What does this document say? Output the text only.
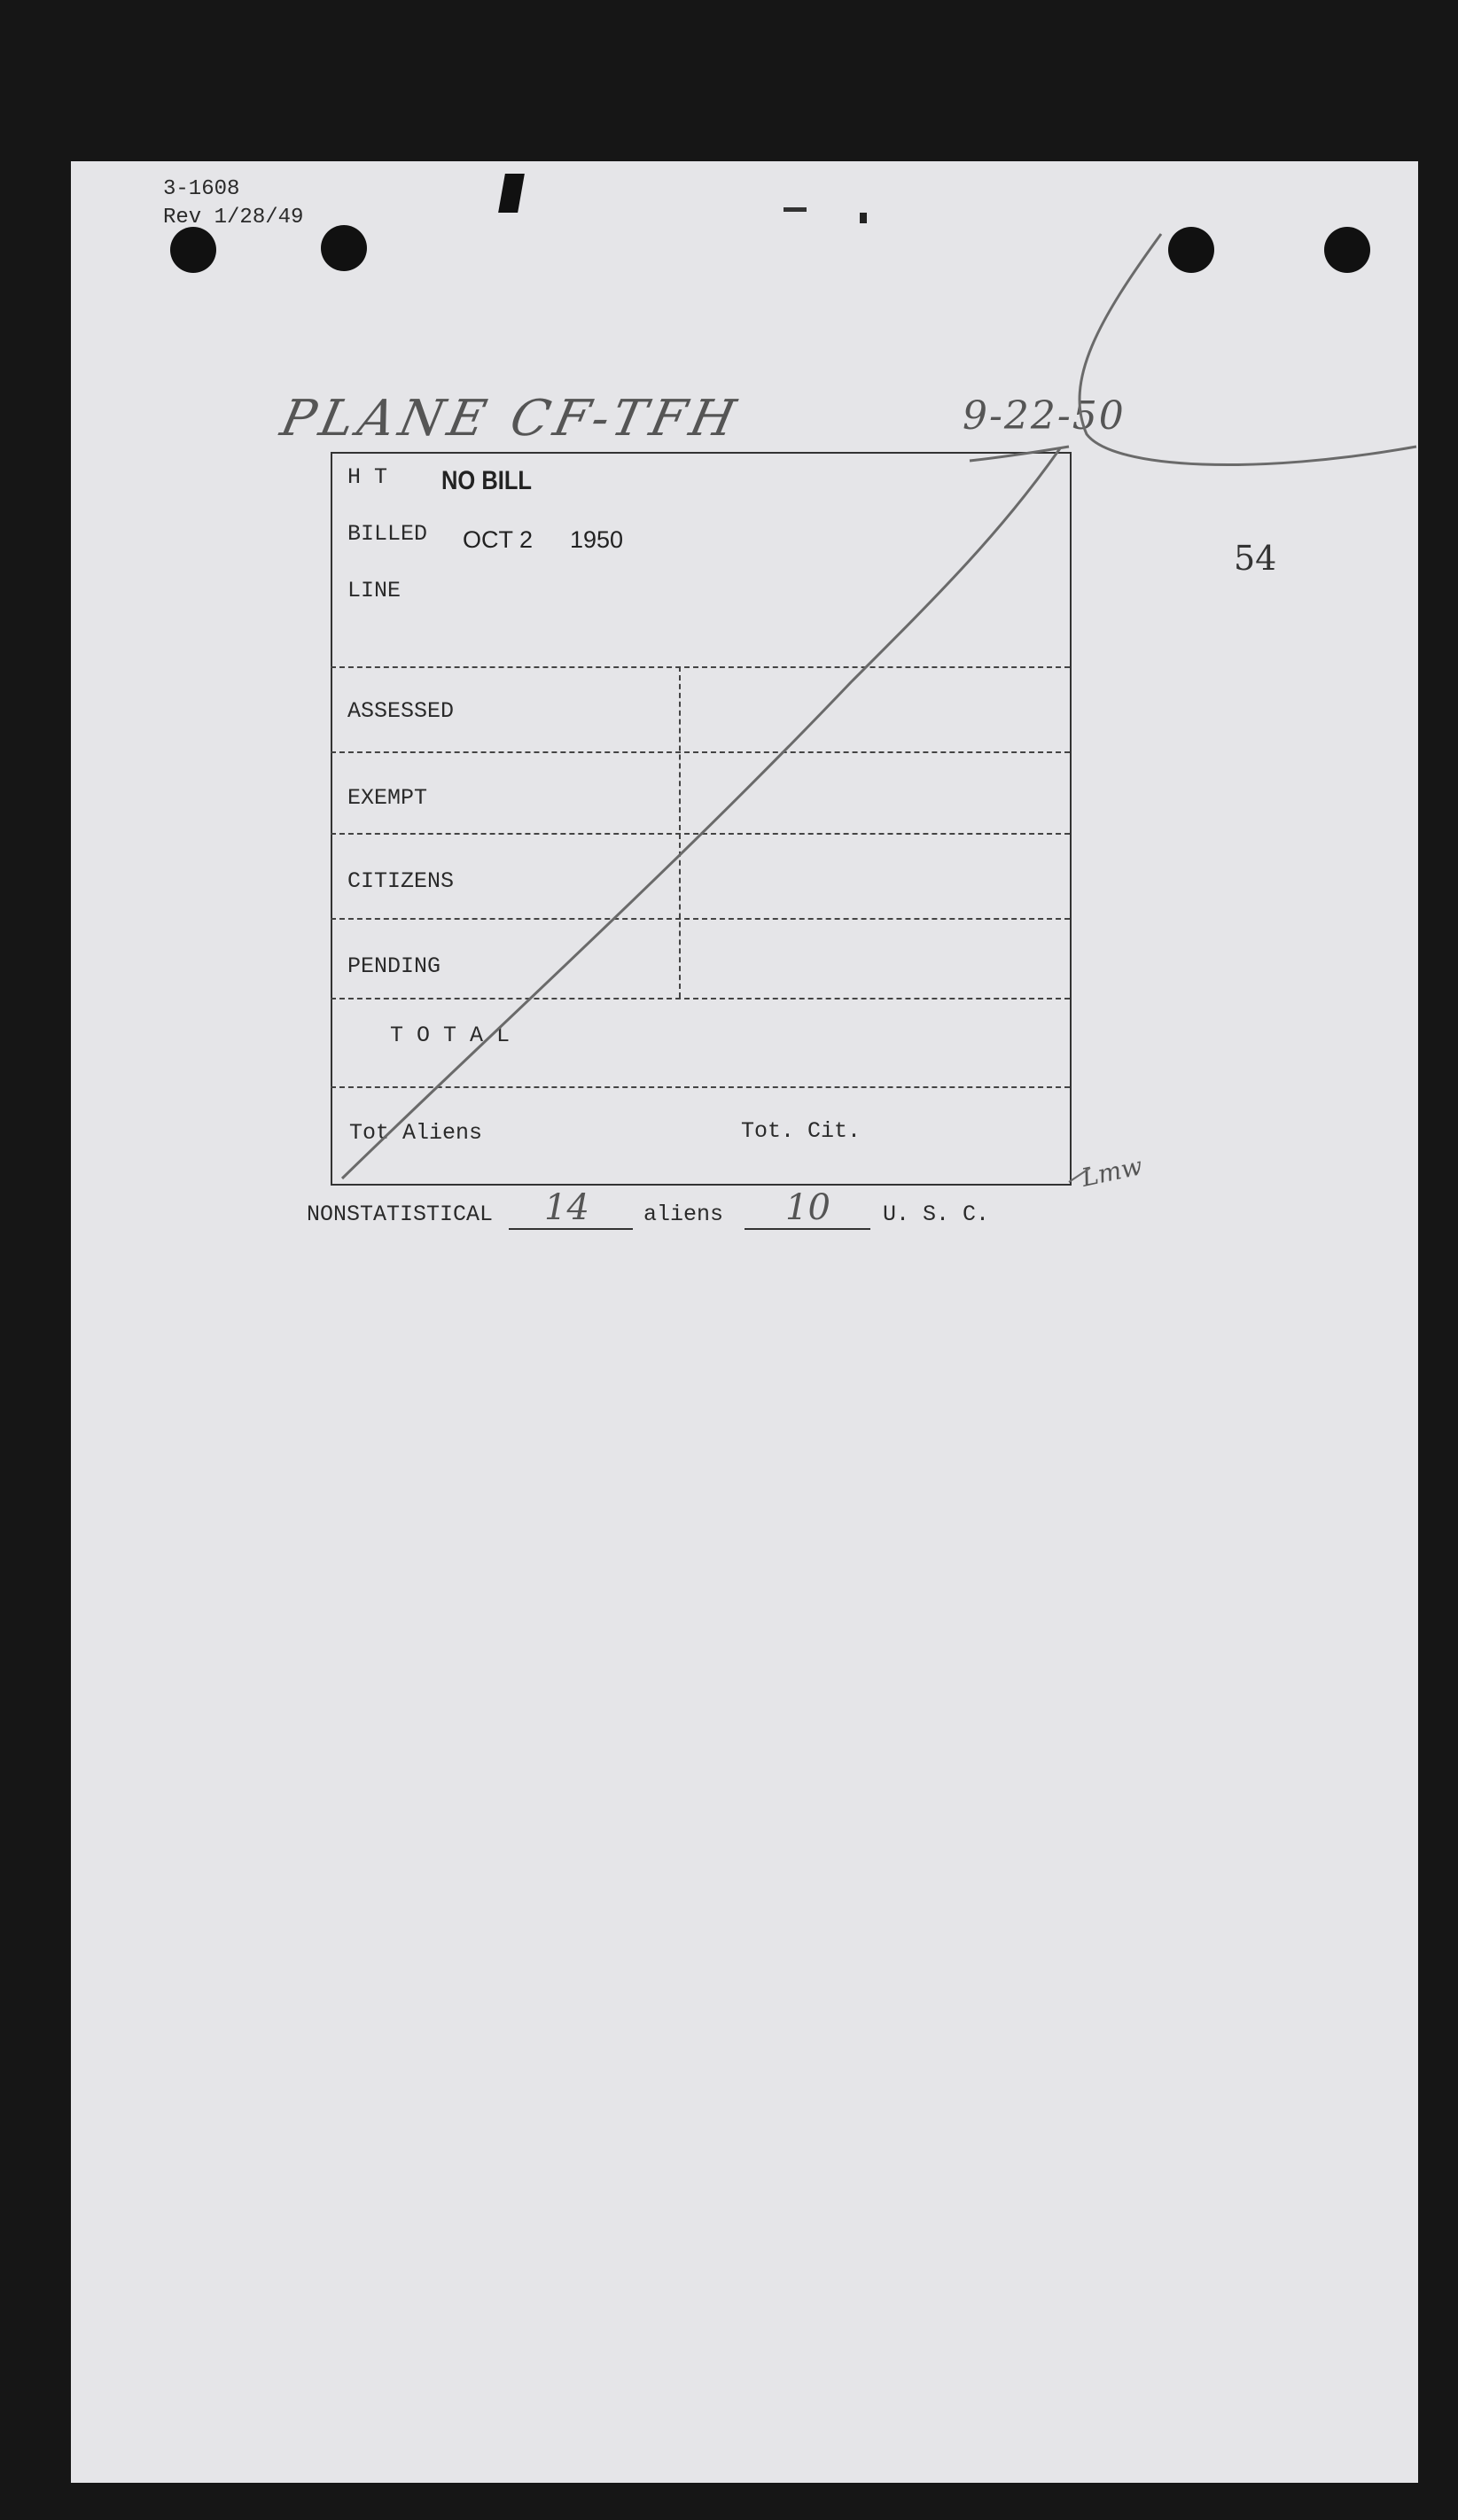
3-1608
Rev 1/28/49
PLANE CF-TFH	9-22-50
54
H T
BILLED
LINE
ASSESSED
EXEMPT
CITIZENS
PENDING
T O T A L
Tot Aliens	Tot. Cit.
NO BILL
OCT 2 1950
NONSTATISTICAL 14 aliens 10 U. S. C.
Lmw
